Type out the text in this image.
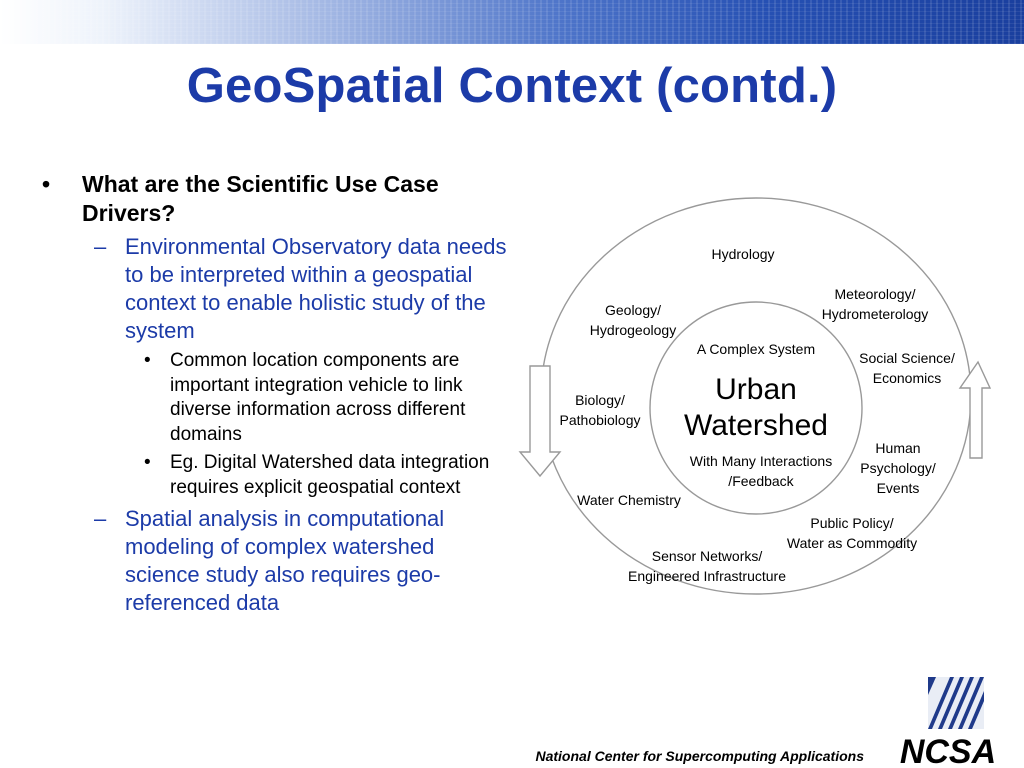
GeoSpatial Context (contd.)
•	What are the Scientific Use Case Drivers?
– Environmental Observatory data needs to be interpreted within a geospatial context to enable holistic study of the system
•	Common location components are important integration vehicle to link diverse information across different domains
•	Eg. Digital Watershed data integration requires explicit geospatial context
– Spatial analysis in computational modeling of complex watershed science study also requires geo-referenced data
A Complex System
Urban
Watershed
With Many Interactions
/Feedback
Hydrology
Meteorology/
Hydrometerology
Geology/
Hydrogeology
Social Science/
Economics
Biology/
Pathobiology
Human
Psychology/
Events
Water Chemistry
Public Policy/
Water as Commodity
Sensor Networks/
Engineered Infrastructure
National Center for Supercomputing Applications NCSA
